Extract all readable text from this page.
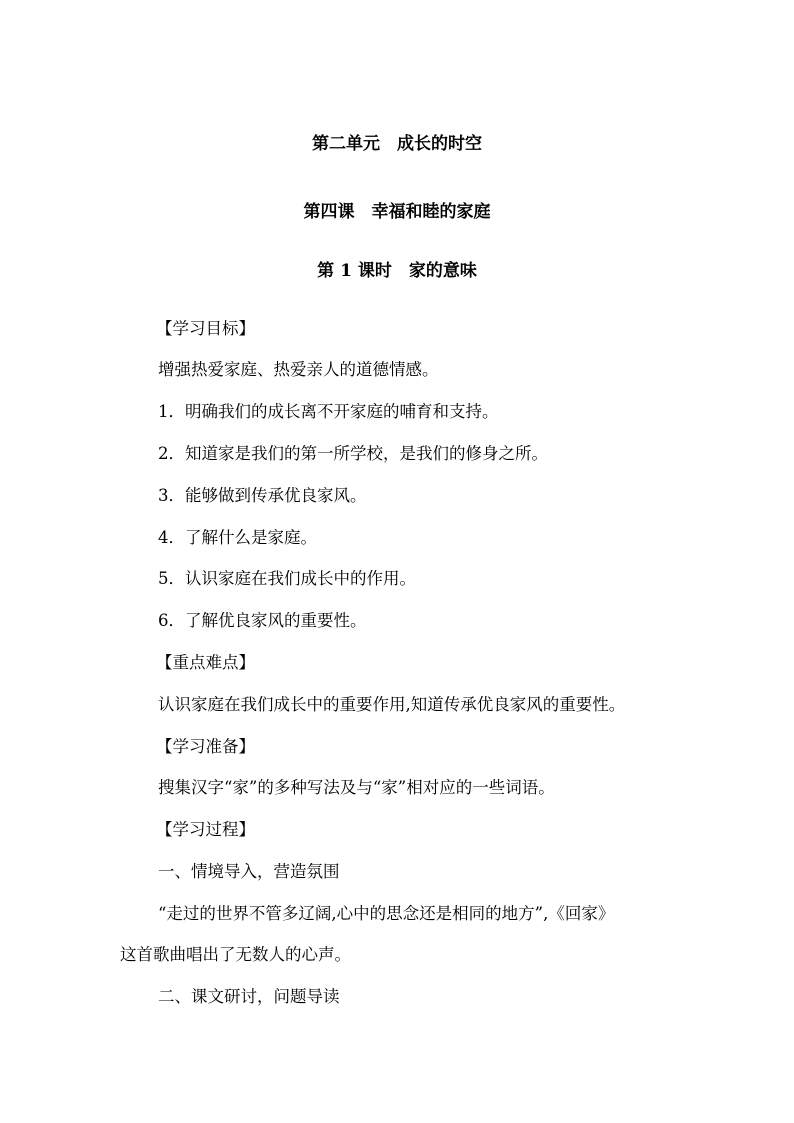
第二单元　成长的时空

第四课　幸福和睦的家庭

第 1 课时　家的意味

【学习目标】

增强热爱家庭、热爱亲人的道德情感。

1．明确我们的成长离不开家庭的哺育和支持。

2．知道家是我们的第一所学校，是我们的修身之所。

3．能够做到传承优良家风。

4．了解什么是家庭。

5．认识家庭在我们成长中的作用。

6．了解优良家风的重要性。

【重点难点】

认识家庭在我们成长中的重要作用,知道传承优良家风的重要性。

【学习准备】

搜集汉字“家”的多种写法及与“家”相对应的一些词语。

【学习过程】

一、情境导入，营造氛围

“走过的世界不管多辽阔,心中的思念还是相同的地方”,《回家》

这首歌曲唱出了无数人的心声。

二、课文研讨，问题导读
